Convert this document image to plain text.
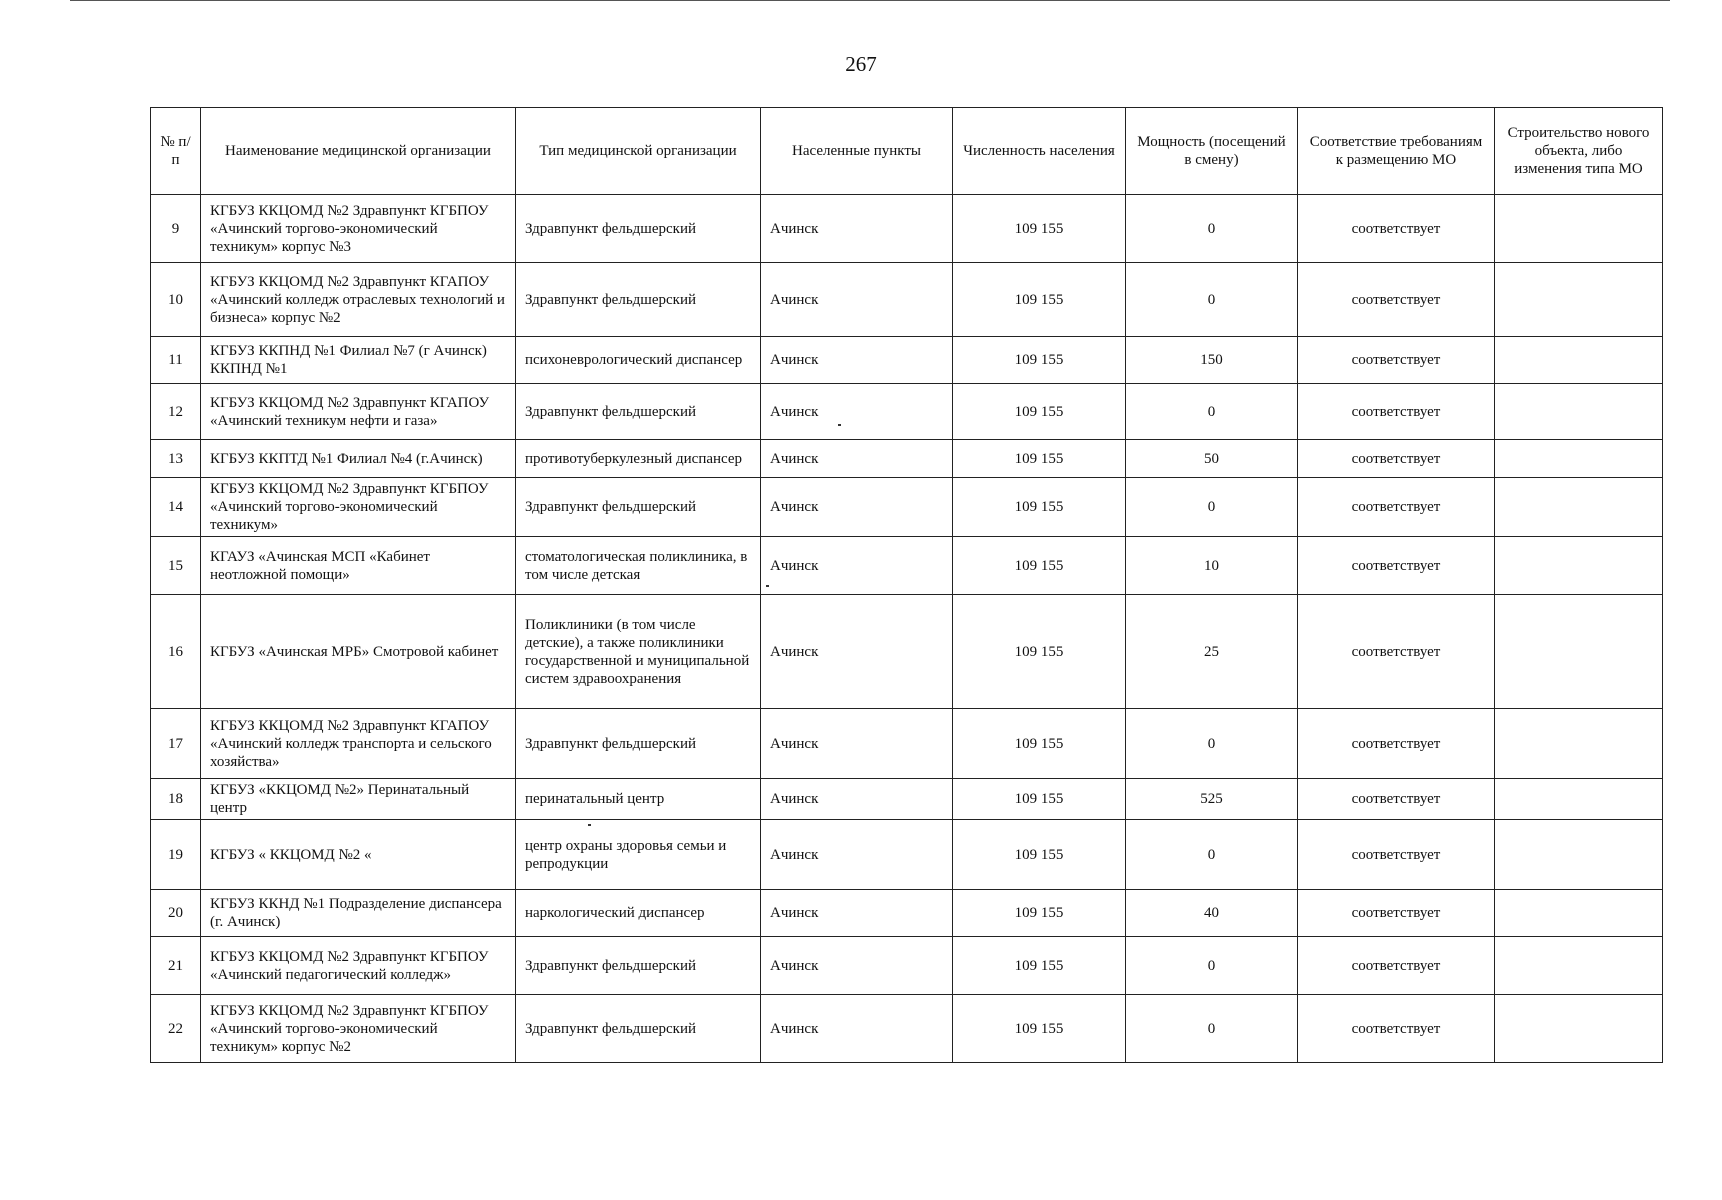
267
№ п/п	Наименование медицинской организации	Тип медицинской организации	Населенные пункты	Численность населения	Мощность (посещений в смену)	Соответствие требованиям к размещению МО	Строительство нового объекта, либо изменения типа МО
9	КГБУЗ ККЦОМД №2 Здравпункт КГБПОУ «Ачинский торгово-экономический техникум» корпус №3	Здравпункт фельдшерский	Ачинск	109 155	0	соответствует	
10	КГБУЗ ККЦОМД №2 Здравпункт КГАПОУ «Ачинский колледж отраслевых технологий и бизнеса» корпус №2	Здравпункт фельдшерский	Ачинск	109 155	0	соответствует	
11	КГБУЗ ККПНД №1 Филиал №7 (г Ачинск) ККПНД №1	психоневрологический диспансер	Ачинск	109 155	150	соответствует	
12	КГБУЗ ККЦОМД №2 Здравпункт КГАПОУ «Ачинский техникум нефти и газа»	Здравпункт фельдшерский	Ачинск	109 155	0	соответствует	
13	КГБУЗ ККПТД №1 Филиал №4 (г.Ачинск)	противотуберкулезный диспансер	Ачинск	109 155	50	соответствует	
14	КГБУЗ ККЦОМД №2 Здравпункт КГБПОУ «Ачинский торгово-экономический техникум»	Здравпункт фельдшерский	Ачинск	109 155	0	соответствует	
15	КГАУЗ «Ачинская МСП «Кабинет неотложной помощи»	стоматологическая поликлиника, в том числе детская	Ачинск	109 155	10	соответствует	
16	КГБУЗ «Ачинская МРБ» Смотровой кабинет	Поликлиники (в том числе детские), а также поликлиники государственной и муниципальной систем здравоохранения	Ачинск	109 155	25	соответствует	
17	КГБУЗ ККЦОМД №2 Здравпункт КГАПОУ «Ачинский колледж транспорта и сельского хозяйства»	Здравпункт фельдшерский	Ачинск	109 155	0	соответствует	
18	КГБУЗ «ККЦОМД №2» Перинатальный центр	перинатальный центр	Ачинск	109 155	525	соответствует	
19	КГБУЗ « ККЦОМД №2 «	центр охраны здоровья семьи и репродукции	Ачинск	109 155	0	соответствует	
20	КГБУЗ ККНД №1 Подразделение диспансера (г. Ачинск)	наркологический диспансер	Ачинск	109 155	40	соответствует	
21	КГБУЗ ККЦОМД №2 Здравпункт КГБПОУ «Ачинский педагогический колледж»	Здравпункт фельдшерский	Ачинск	109 155	0	соответствует	
22	КГБУЗ ККЦОМД №2 Здравпункт КГБПОУ «Ачинский торгово-экономический техникум» корпус №2	Здравпункт фельдшерский	Ачинск	109 155	0	соответствует	
